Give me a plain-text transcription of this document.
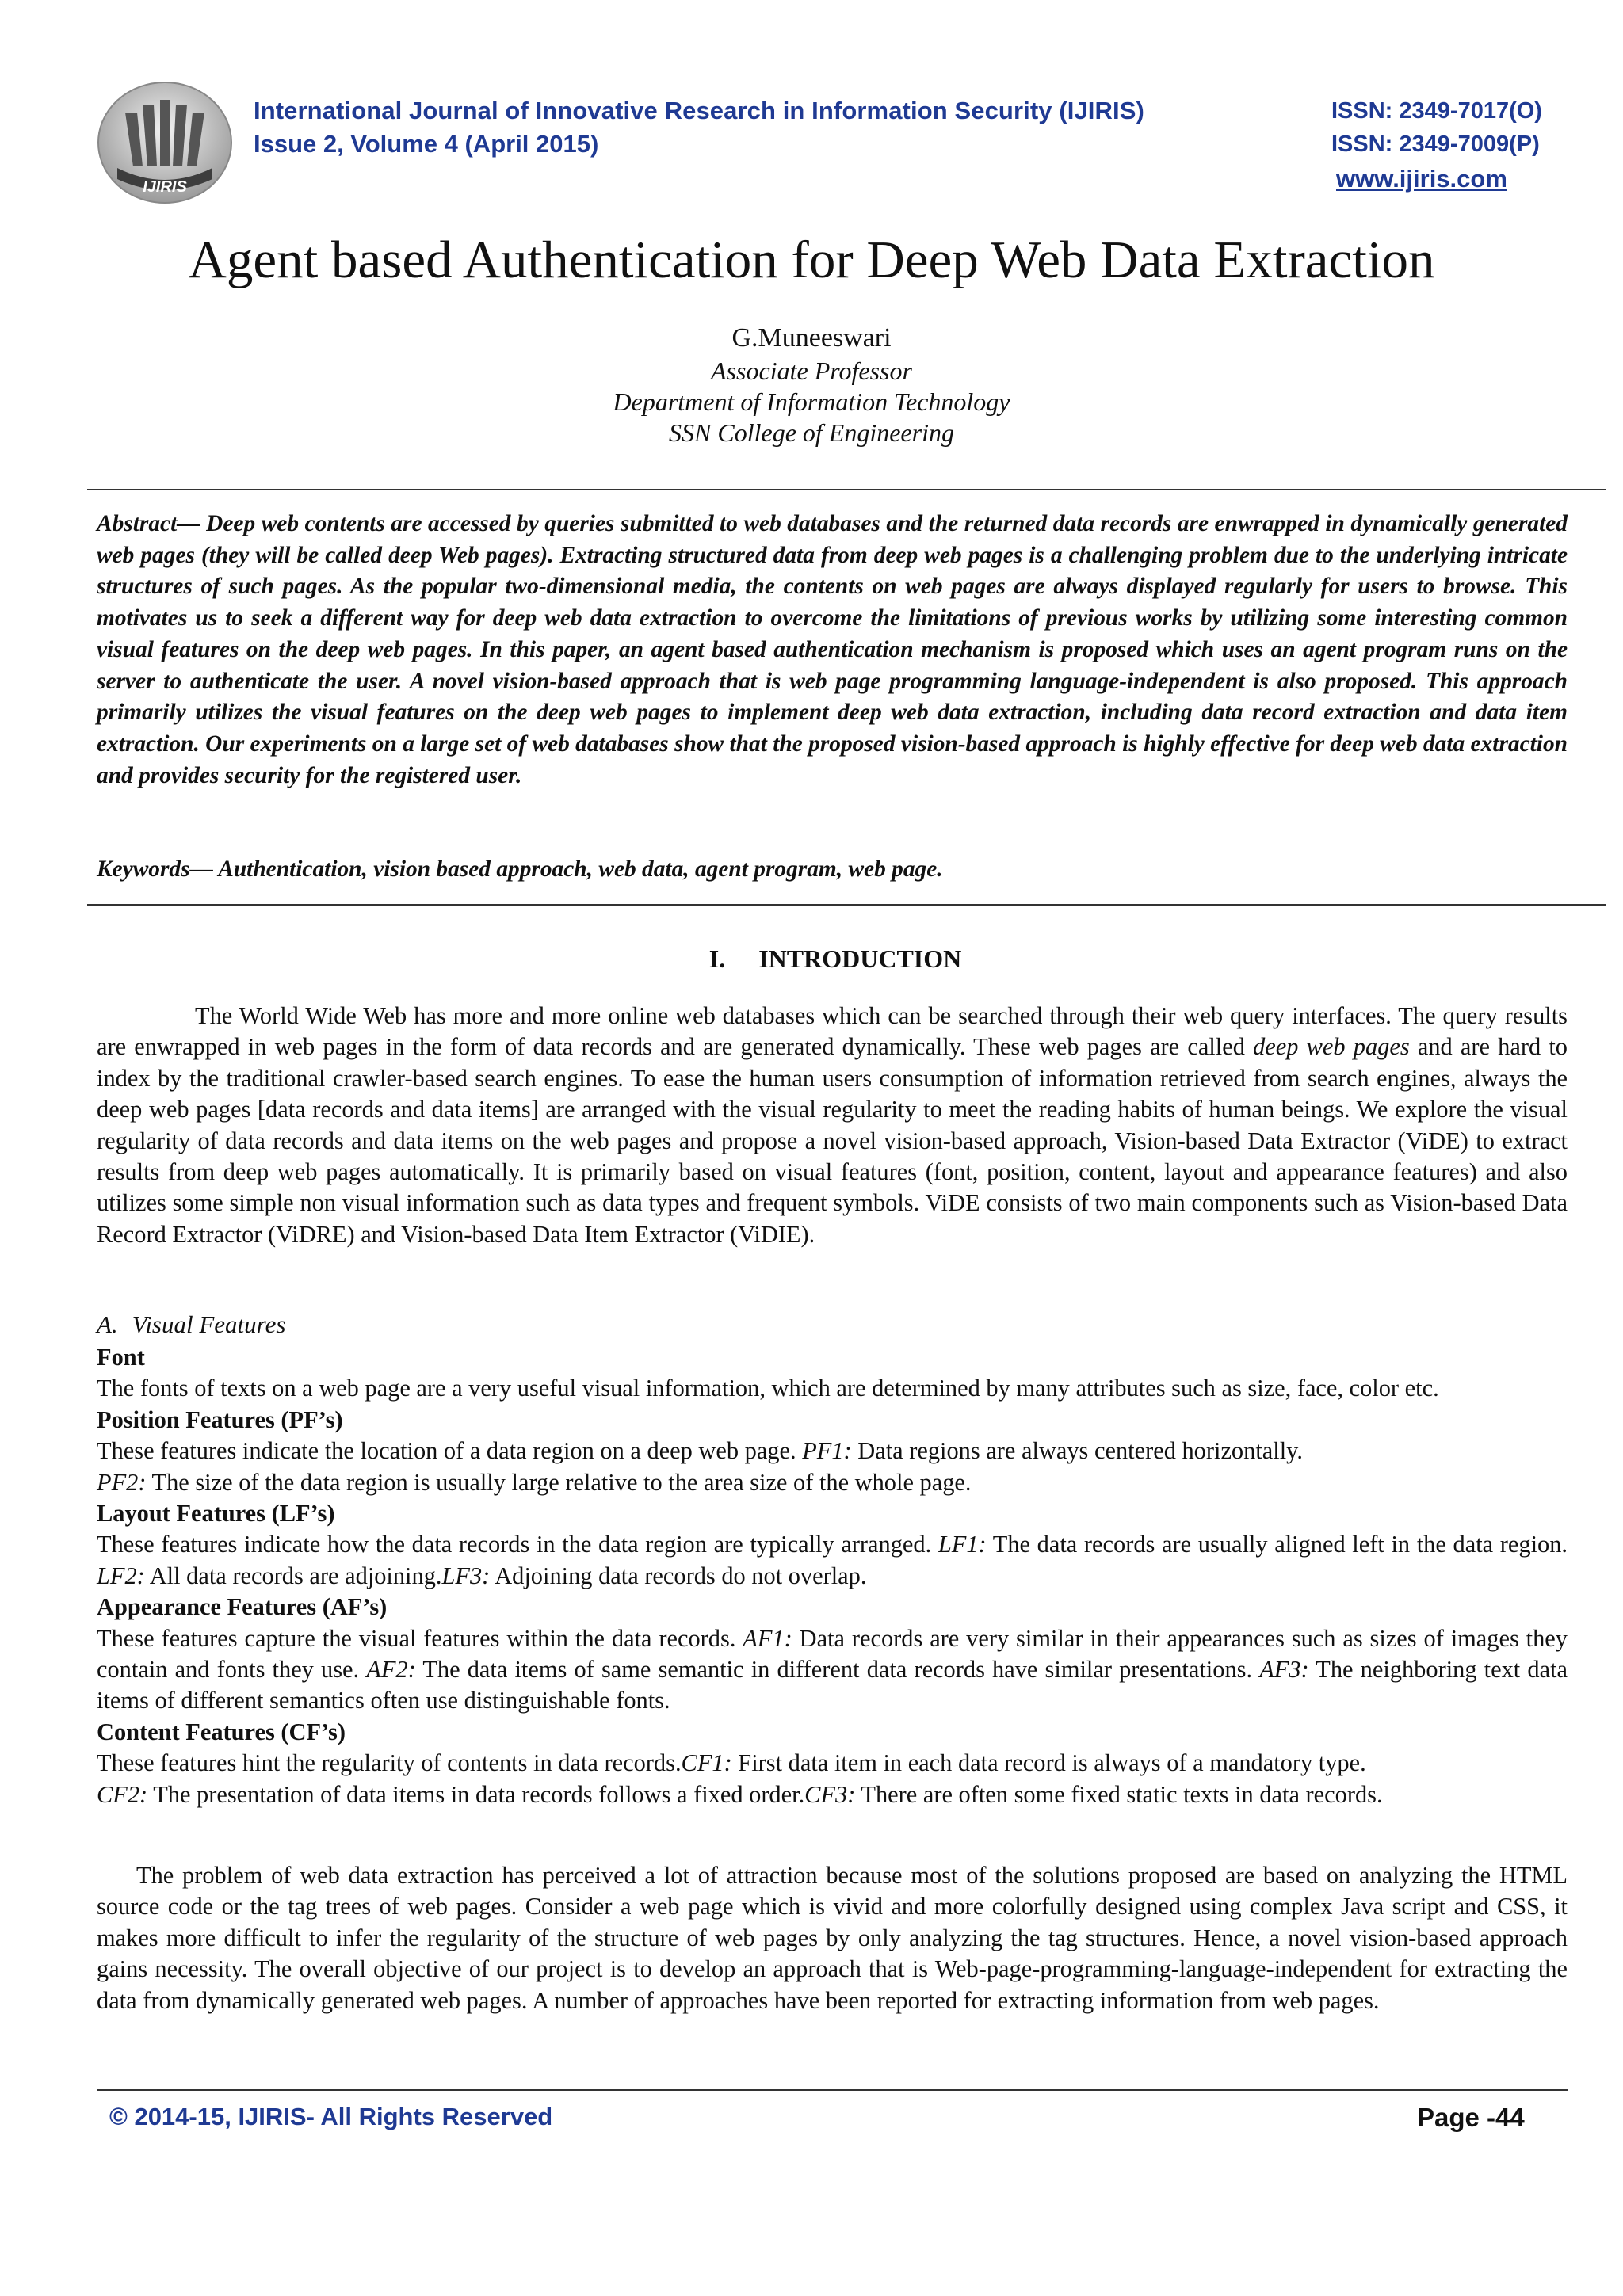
IJIRIS
International Journal of Innovative Research in Information Security (IJIRIS)
Issue 2, Volume 4 (April 2015)
ISSN: 2349-7017(O)
ISSN: 2349-7009(P)
www.ijiris.com
Agent based Authentication for Deep Web Data Extraction
G.Muneeswari
Associate Professor
Department of Information Technology
SSN College of Engineering

Abstract— Deep web contents are accessed by queries submitted to web databases and the returned data records are enwrapped in dynamically generated web pages (they will be called deep Web pages). Extracting structured data from deep web pages is a challenging problem due to the underlying intricate structures of such pages. As the popular two-dimensional media, the contents on web pages are always displayed regularly for users to browse. This motivates us to seek a different way for deep web data extraction to overcome the limitations of previous works by utilizing some interesting common visual features on the deep web pages. In this paper, an agent based authentication mechanism is proposed which uses an agent program runs on the server to authenticate the user. A novel vision-based approach that is web page programming language-independent is also proposed. This approach primarily utilizes the visual features on the deep web pages to implement deep web data extraction, including data record extraction and data item extraction. Our experiments on a large set of web databases show that the proposed vision-based approach is highly effective for deep web data extraction and provides security for the registered user.

Keywords— Authentication, vision based approach, web data, agent program, web page.

I. INTRODUCTION

The World Wide Web has more and more online web databases which can be searched through their web query interfaces. The query results are enwrapped in web pages in the form of data records and are generated dynamically. These web pages are called deep web pages and are hard to index by the traditional crawler-based search engines. To ease the human users consumption of information retrieved from search engines, always the deep web pages [data records and data items] are arranged with the visual regularity to meet the reading habits of human beings. We explore the visual regularity of data records and data items on the web pages and propose a novel vision-based approach, Vision-based Data Extractor (ViDE) to extract results from deep web pages automatically. It is primarily based on visual features (font, position, content, layout and appearance features) and also utilizes some simple non visual information such as data types and frequent symbols. ViDE consists of two main components such as Vision-based Data Record Extractor (ViDRE) and Vision-based Data Item Extractor (ViDIE).

A. Visual Features
Font

The fonts of texts on a web page are a very useful visual information, which are determined by many attributes such as size, face, color etc.

Position Features (PF’s)

These features indicate the location of a data region on a deep web page. PF1: Data regions are always centered horizontally.
PF2: The size of the data region is usually large relative to the area size of the whole page.

Layout Features (LF’s)

These features indicate how the data records in the data region are typically arranged. LF1: The data records are usually aligned left in the data region. LF2: All data records are adjoining.LF3: Adjoining data records do not overlap.

Appearance Features (AF’s)

These features capture the visual features within the data records. AF1: Data records are very similar in their appearances such as sizes of images they contain and fonts they use. AF2: The data items of same semantic in different data records have similar presentations. AF3: The neighboring text data items of different semantics often use distinguishable fonts.

Content Features (CF’s)

These features hint the regularity of contents in data records.CF1: First data item in each data record is always of a mandatory type.
CF2: The presentation of data items in data records follows a fixed order.CF3: There are often some fixed static texts in data records.

The problem of web data extraction has perceived a lot of attraction because most of the solutions proposed are based on analyzing the HTML source code or the tag trees of web pages. Consider a web page which is vivid and more colorfully designed using complex Java script and CSS, it makes more difficult to infer the regularity of the structure of web pages by only analyzing the tag structures. Hence, a novel vision-based approach gains necessity. The overall objective of our project is to develop an approach that is Web-page-programming-language-independent for extracting the data from dynamically generated web pages. A number of approaches have been reported for extracting information from web pages.

© 2014-15, IJIRIS- All Rights Reserved	Page -44
